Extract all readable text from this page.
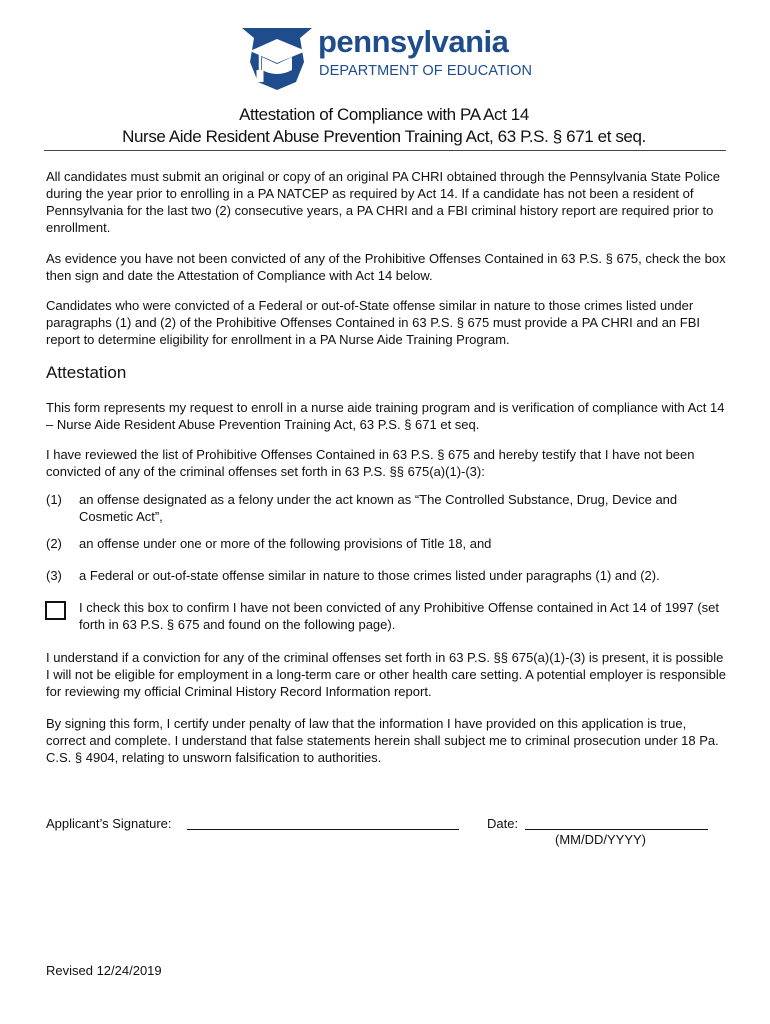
pennsylvania
DEPARTMENT OF EDUCATION
Attestation of Compliance with PA Act 14
Nurse Aide Resident Abuse Prevention Training Act, 63 P.S. § 671 et seq.

All candidates must submit an original or copy of an original PA CHRI obtained through the Pennsylvania State Police during the year prior to enrolling in a PA NATCEP as required by Act 14. If a candidate has not been a resident of Pennsylvania for the last two (2) consecutive years, a PA CHRI and a FBI criminal history report are required prior to enrollment.

As evidence you have not been convicted of any of the Prohibitive Offenses Contained in 63 P.S. § 675, check the box then sign and date the Attestation of Compliance with Act 14 below.

Candidates who were convicted of a Federal or out-of-State offense similar in nature to those crimes listed under paragraphs (1) and (2) of the Prohibitive Offenses Contained in 63 P.S. § 675 must provide a PA CHRI and an FBI report to determine eligibility for enrollment in a PA Nurse Aide Training Program.

Attestation

This form represents my request to enroll in a nurse aide training program and is verification of compliance with Act 14 – Nurse Aide Resident Abuse Prevention Training Act, 63 P.S. § 671 et seq.

I have reviewed the list of Prohibitive Offenses Contained in 63 P.S. § 675 and hereby testify that I have not been convicted of any of the criminal offenses set forth in 63 P.S. §§ 675(a)(1)-(3):

(1) an offense designated as a felony under the act known as “The Controlled Substance, Drug, Device and Cosmetic Act”,
(2) an offense under one or more of the following provisions of Title 18, and
(3) a Federal or out-of-state offense similar in nature to those crimes listed under paragraphs (1) and (2).
I check this box to confirm I have not been convicted of any Prohibitive Offense contained in Act 14 of 1997 (set forth in 63 P.S. § 675 and found on the following page).

I understand if a conviction for any of the criminal offenses set forth in 63 P.S. §§ 675(a)(1)-(3) is present, it is possible I will not be eligible for employment in a long-term care or other health care setting. A potential employer is responsible for reviewing my official Criminal History Record Information report.

By signing this form, I certify under penalty of law that the information I have provided on this application is true, correct and complete. I understand that false statements herein shall subject me to criminal prosecution under 18 Pa. C.S. § 4904, relating to unsworn falsification to authorities.

Applicant’s Signature:	Date:
(MM/DD/YYYY)
Revised 12/24/2019
